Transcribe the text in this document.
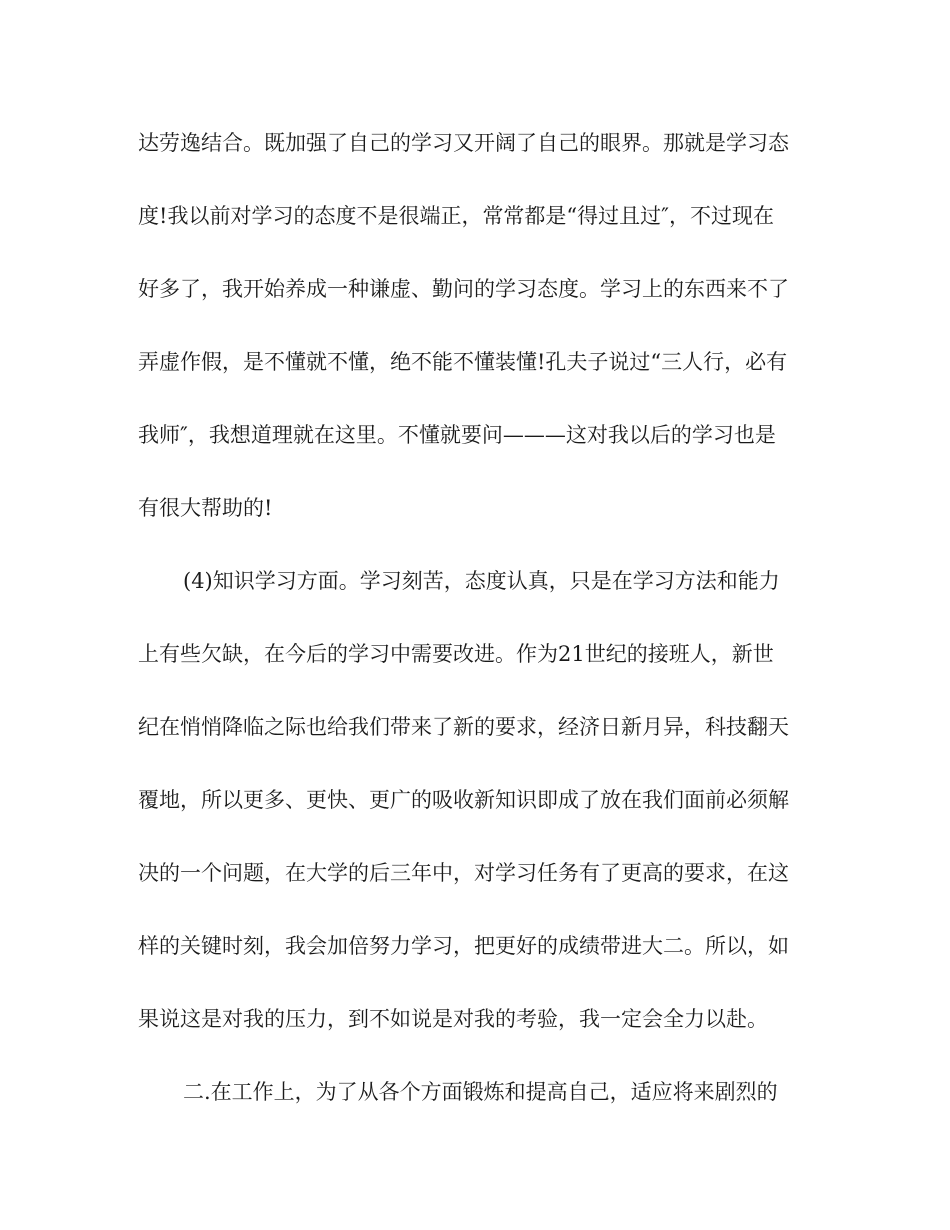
达劳逸结合。既加强了自己的学习又开阔了自己的眼界。那就是学习态
度!我以前对学习的态度不是很端正，常常都是“得过且过″，不过现在
好多了，我开始养成一种谦虚、勤问的学习态度。学习上的东西来不了
弄虚作假，是不懂就不懂，绝不能不懂装懂!孔夫子说过“三人行，必有
我师″，我想道理就在这里。不懂就要问———这对我以后的学习也是
有很大帮助的!
(4)知识学习方面。学习刻苦，态度认真，只是在学习方法和能力
上有些欠缺，在今后的学习中需要改进。作为21世纪的接班人，新世
纪在悄悄降临之际也给我们带来了新的要求，经济日新月异，科技翻天
覆地，所以更多、更快、更广的吸收新知识即成了放在我们面前必须解
决的一个问题，在大学的后三年中，对学习任务有了更高的要求，在这
样的关键时刻，我会加倍努力学习，把更好的成绩带进大二。所以，如
果说这是对我的压力，到不如说是对我的考验，我一定会全力以赴。
二.在工作上，为了从各个方面锻炼和提高自己，适应将来剧烈的
